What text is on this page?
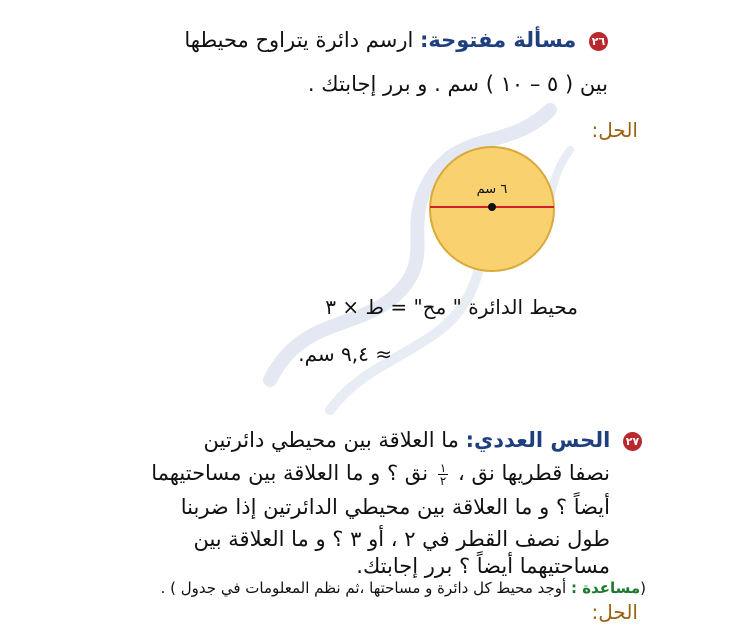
٢٦ مسألة مفتوحة: ارسم دائرة يتراوح محيطها
بين ( ٥ – ١٠ ) سم . و برر إجابتك .
الحل:
٦ سم
محيط الدائرة " مح" = ط × ٣
≈ ٩,٤ سم.
٢٧ الحس العددي: ما العلاقة بين محيطي دائرتين
نصفا قطريها نق ،
$\frac{١}{٢}$
نق ؟ و ما العلاقة بين مساحتيهما
أيضاً ؟ و ما العلاقة بين محيطي الدائرتين إذا ضربنا
طول نصف القطر في ٢ ، أو ٣ ؟ و ما العلاقة بين
مساحتيهما أيضاً ؟ برر إجابتك.
(مساعدة : أوجد محيط كل دائرة و مساحتها ،ثم نظم المعلومات في جدول ) .
الحل:
